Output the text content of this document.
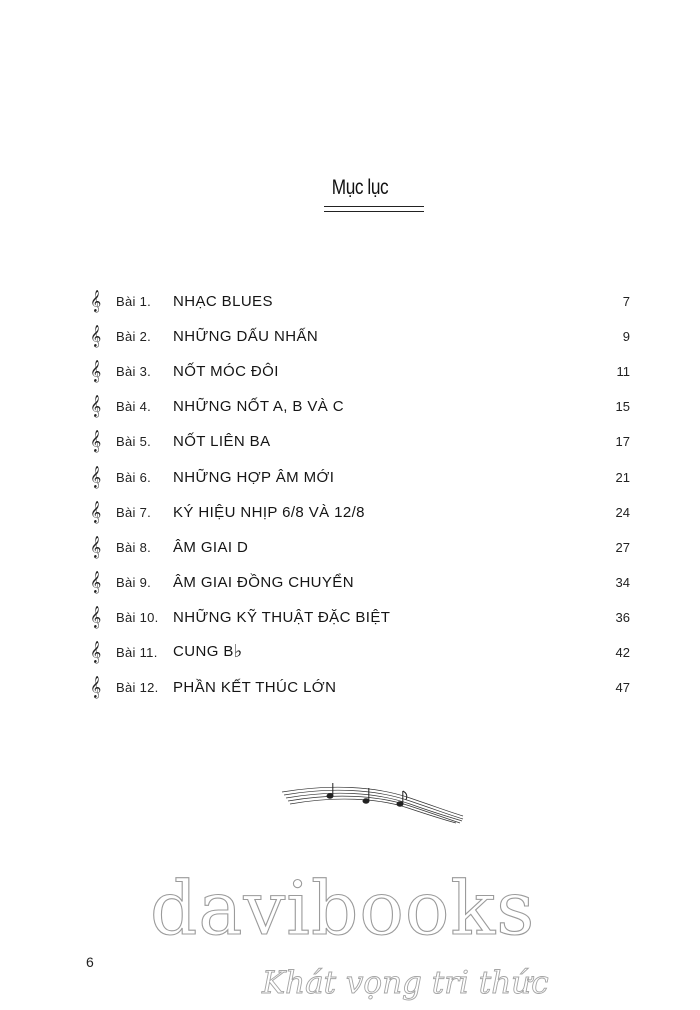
Mục lục
𝄞	Bài 1.	NHẠC BLUES	7
𝄞	Bài 2.	NHỮNG DẤU NHẤN	9
𝄞	Bài 3.	NỐT MÓC ĐÔI	11
𝄞	Bài 4.	NHỮNG NỐT A, B VÀ C	15
𝄞	Bài 5.	NỐT LIÊN BA	17
𝄞	Bài 6.	NHỮNG HỢP ÂM MỚI	21
𝄞	Bài 7.	KÝ HIỆU NHỊP 6/8 VÀ 12/8	24
𝄞	Bài 8.	ÂM GIAI D	27
𝄞	Bài 9.	ÂM GIAI ĐỒNG CHUYỂN	34
𝄞	Bài 10. NHỮNG KỸ THUẬT ĐẶC BIỆT	36
𝄞	Bài 11.	CUNG B♭	42
𝄞	Bài 12. PHẦN KẾT THÚC LỚN	47
6
davibooks
Khát vọng tri thức
